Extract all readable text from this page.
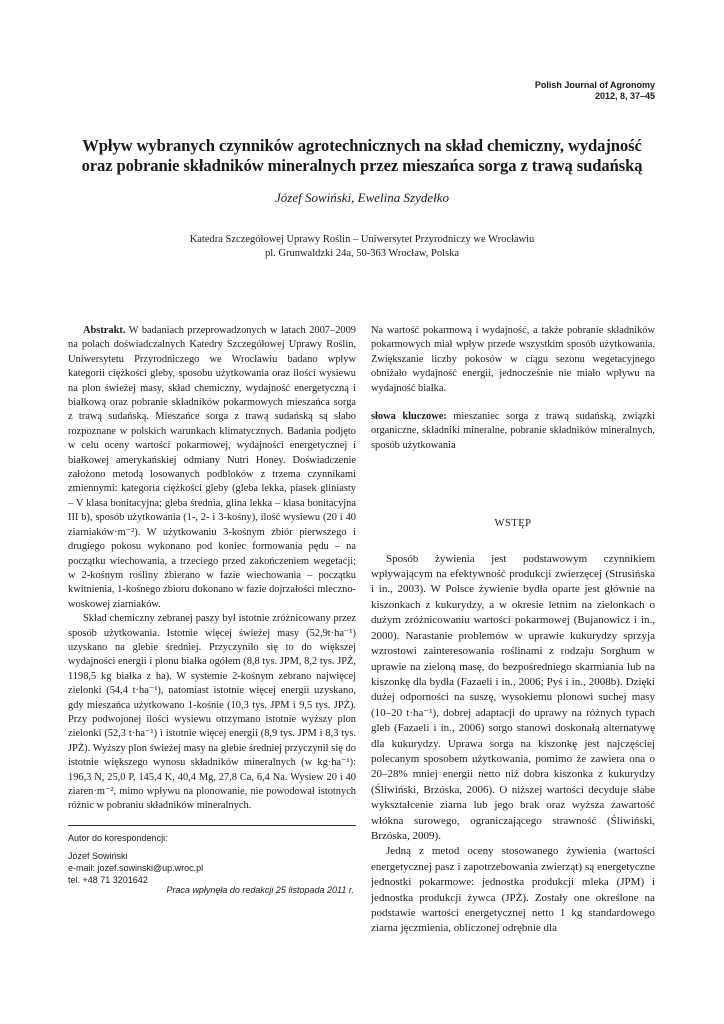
Polish Journal of Agronomy
2012, 8, 37–45
Wpływ wybranych czynników agrotechnicznych na skład chemiczny, wydajność
oraz pobranie składników mineralnych przez mieszańca sorga z trawą sudańską
Józef Sowiński, Ewelina Szydełko
Katedra Szczegółowej Uprawy Roślin – Uniwersytet Przyrodniczy we Wrocławiu
pl. Grunwaldzki 24a, 50-363 Wrocław, Polska

Abstrakt. W badaniach przeprowadzonych w latach 2007–2009 na polach doświadczalnych Katedry Szczegółowej Uprawy Roślin, Uniwersytetu Przyrodniczego we Wrocławiu badano wpływ kategorii ciężkości gleby, sposobu użytkowania oraz ilości wysiewu na plon świeżej masy, skład chemiczny, wydajność energetyczną i białkową oraz pobranie składników pokarmowych mieszańca sorga z trawą sudańską. Mieszańce sorga z trawą sudańską są słabo rozpoznane w polskich warunkach klimatycznych. Badania podjęto w celu oceny wartości pokarmowej, wydajności energetycznej i białkowej amerykańskiej odmiany Nutri Honey. Doświadczenie założono metodą losowanych podbloków z trzema czynnikami zmiennymi: kategoria ciężkości gleby (gleba lekka, piasek gliniasty – V klasa bonitacyjna; gleba średnia, glina lekka – klasa bonitacyjna III b), sposób użytkowania (1-, 2- i 3-kośny), ilość wysiewu (20 i 40 ziarniaków·m⁻²). W użytkowaniu 3-kośnym zbiór pierwszego i drugiego pokosu wykonano pod koniec formowania pędu – na początku wiechowania, a trzeciego przed zakończeniem wegetacji; w 2-kośnym rośliny zbierano w fazie wiechowania – początku kwitnienia, 1-kośnego zbioru dokonano w fazie dojrzałości mleczno-woskowej ziarniaków.

Skład chemiczny zebranej paszy był istotnie zróżnicowany przez sposób użytkowania. Istotnie więcej świeżej masy (52,9t·ha⁻¹) uzyskano na glebie średniej. Przyczyniło się to do większej wydajności energii i plonu białka ogółem (8,8 tys. JPM, 8,2 tys. JPŻ, 1198,5 kg białka z ha). W systemie 2-kośnym zebrano najwięcej zielonki (54,4 t·ha⁻¹), natomiast istotnie więcej energii uzyskano, gdy mieszańca użytkowano 1-kośnie (10,3 tys. JPM i 9,5 tys. JPŻ). Przy podwojonej ilości wysiewu otrzymano istotnie wyższy plon zielonki (52,3 t·ha⁻¹) i istotnie więcej energii (8,9 tys. JPM i 8,3 tys. JPŻ). Wyższy plon świeżej masy na glebie średniej przyczynił się do istotnie większego wynosu składników mineralnych (w kg·ha⁻¹): 196,3 N, 25,0 P, 145,4 K, 40,4 Mg, 27,8 Ca, 6,4 Na. Wysiew 20 i 40 ziaren·m⁻², mimo wpływu na plonowanie, nie powodował istotnych różnic w pobraniu składników mineralnych.

Na wartość pokarmową i wydajność, a także pobranie składników pokarmowych miał wpływ przede wszystkim sposób użytkowania. Zwiększanie liczby pokosów w ciągu sezonu wegetacyjnego obniżało wydajność energii, jednocześnie nie miało wpływu na wydajność białka.

słowa kluczowe: mieszaniec sorga z trawą sudańską, związki organiczne, składniki mineralne, pobranie składników mineralnych, sposób użytkowania

WSTĘP

Sposób żywienia jest podstawowym czynnikiem wpływającym na efektywność produkcji zwierzęcej (Strusińska i in., 2003). W Polsce żywienie bydła oparte jest głównie na kiszonkach z kukurydzy, a w okresie letnim na zielonkach o dużym zróżnicowaniu wartości pokarmowej (Bujanowicz i in., 2000). Narastanie problemów w uprawie kukurydzy sprzyja wzrostowi zainteresowania roślinami z rodzaju Sorghum w uprawie na zieloną masę, do bezpośredniego skarmiania lub na kiszonkę dla bydła (Fazaeli i in., 2006; Pyś i in., 2008b). Dzięki dużej odporności na suszę, wysokiemu plonowi suchej masy (10–20 t·ha⁻¹), dobrej adaptacji do uprawy na różnych typach gleb (Fazaeli i in., 2006) sorgo stanowi doskonałą alternatywę dla kukurydzy. Uprawa sorga na kiszonkę jest najczęściej polecanym sposobem użytkowania, pomimo że zawiera ona o 20–28% mniej energii netto niż dobra kiszonka z kukurydzy (Śliwiński, Brzóska, 2006). O niższej wartości decyduje słabe wykształcenie ziarna lub jego brak oraz wyższa zawartość włókna surowego, ograniczającego strawność (Śliwiński, Brzóska, 2009).

Jedną z metod oceny stosowanego żywienia (wartości energetycznej pasz i zapotrzebowania zwierząt) są energetyczne jednostki pokarmowe: jednostka produkcji mleka (JPM) i jednostka produkcji żywca (JPŻ). Zostały one określone na podstawie wartości energetycznej netto 1 kg standardowego ziarna jęczmienia, obliczonej odrębnie dla

Autor do korespondencji:
Józef Sowiński
e-mail: jozef.sowinski@up.wroc.pl
tel. +48 71 3201642
Praca wpłynęła do redakcji 25 listopada 2011 r.
